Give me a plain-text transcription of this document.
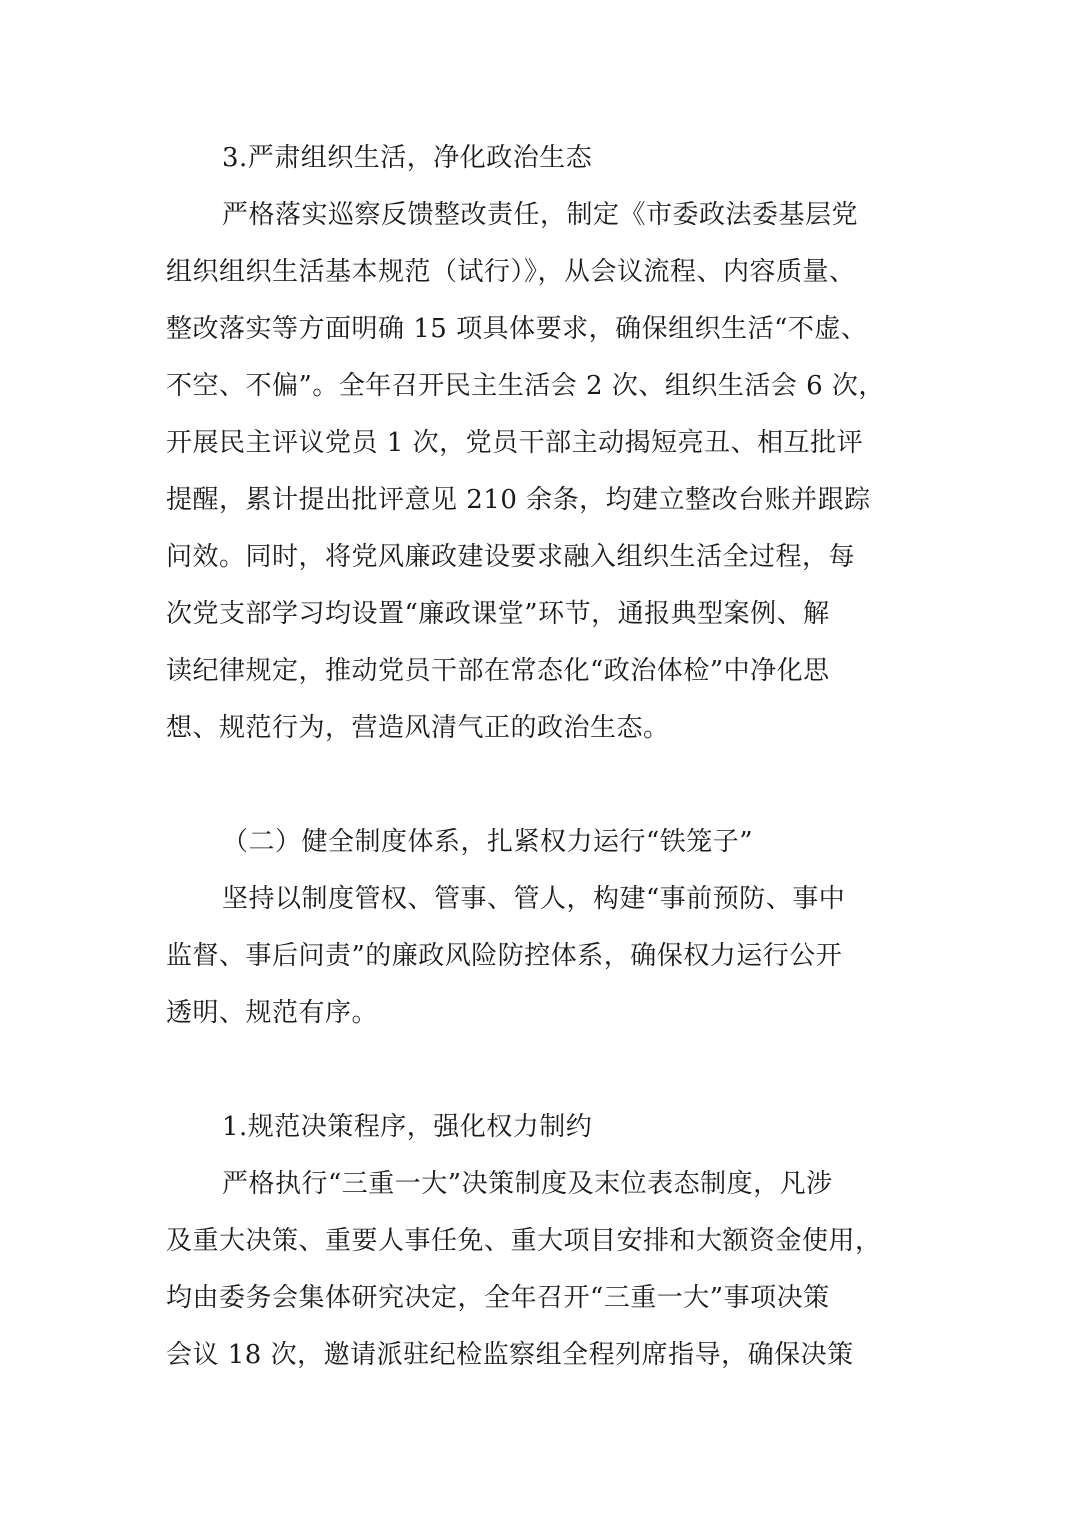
3.严肃组织生活，净化政治生态
严格落实巡察反馈整改责任，制定《市委政法委基层党
组织组织生活基本规范（试行）》，从会议流程、内容质量、
整改落实等方面明确 15 项具体要求，确保组织生活“不虚、
不空、不偏”。全年召开民主生活会 2 次、组织生活会 6 次，
开展民主评议党员 1 次，党员干部主动揭短亮丑、相互批评
提醒，累计提出批评意见 210 余条，均建立整改台账并跟踪
问效。同时，将党风廉政建设要求融入组织生活全过程，每
次党支部学习均设置“廉政课堂”环节，通报典型案例、解
读纪律规定，推动党员干部在常态化“政治体检”中净化思
想、规范行为，营造风清气正的政治生态。
（二）健全制度体系，扎紧权力运行“铁笼子”
坚持以制度管权、管事、管人，构建“事前预防、事中
监督、事后问责”的廉政风险防控体系，确保权力运行公开
透明、规范有序。
1.规范决策程序，强化权力制约
严格执行“三重一大”决策制度及末位表态制度，凡涉
及重大决策、重要人事任免、重大项目安排和大额资金使用，
均由委务会集体研究决定，全年召开“三重一大”事项决策
会议 18 次，邀请派驻纪检监察组全程列席指导，确保决策
